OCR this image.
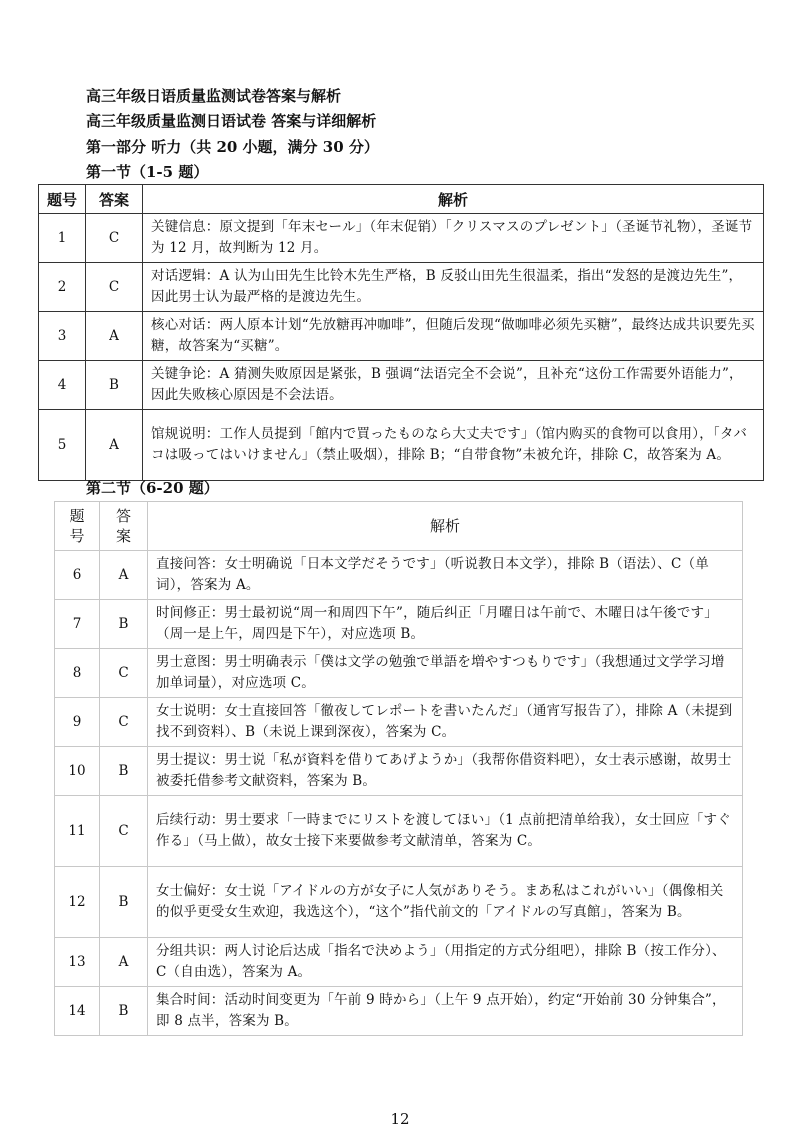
高三年级日语质量监测试卷答案与解析
高三年级质量监测日语试卷 答案与详细解析
第一部分 听力（共 20 小题，满分 30 分）
第一节（1-5 题）
题号	答案	解析
1	C	关键信息：原文提到「年末セール」（年末促销）「クリスマスのプレゼント」（圣诞节礼物），圣诞节为 12 月，故判断为 12 月。
2	C	对话逻辑：A 认为山田先生比铃木先生严格，B 反驳山田先生很温柔，指出“发怒的是渡边先生”，因此男士认为最严格的是渡边先生。
3	A	核心对话：两人原本计划“先放糖再冲咖啡”，但随后发现“做咖啡必须先买糖”，最终达成共识要先买糖，故答案为“买糖”。
4	B	关键争论：A 猜测失败原因是紧张，B 强调“法语完全不会说”，且补充“这份工作需要外语能力”，因此失败核心原因是不会法语。
5	A	馆规说明：工作人员提到「館内で買ったものなら大丈夫です」（馆内购买的食物可以食用），「タバコは吸ってはいけません」（禁止吸烟），排除 B；“自带食物”未被允许，排除 C，故答案为 A。
第二节（6-20 题）
题号	答案	解析
6	A	直接问答：女士明确说「日本文学だそうです」（听说教日本文学），排除 B（语法）、C（单词），答案为 A。
7	B	时间修正：男士最初说“周一和周四下午”，随后纠正「月曜日は午前で、木曜日は午後です」（周一是上午，周四是下午），对应选项 B。
8	C	男士意图：男士明确表示「僕は文学の勉強で単語を増やすつもりです」（我想通过文学学习增加单词量），对应选项 C。
9	C	女士说明：女士直接回答「徹夜してレポートを書いたんだ」（通宵写报告了），排除 A（未提到找不到资料）、B（未说上课到深夜），答案为 C。
10	B	男士提议：男士说「私が資料を借りてあげようか」（我帮你借资料吧），女士表示感谢，故男士被委托借参考文献资料，答案为 B。
11	C	后续行动：男士要求「一時までにリストを渡してほい」（1 点前把清单给我），女士回应「すぐ作る」（马上做），故女士接下来要做参考文献清单，答案为 C。
12	B	女士偏好：女士说「アイドルの方が女子に人気がありそう。まあ私はこれがいい」（偶像相关的似乎更受女生欢迎，我选这个），“这个”指代前文的「アイドルの写真館」，答案为 B。
13	A	分组共识：两人讨论后达成「指名で決めよう」（用指定的方式分组吧），排除 B（按工作分）、C（自由选），答案为 A。
14	B	集合时间：活动时间变更为「午前 9 時から」（上午 9 点开始），约定“开始前 30 分钟集合”，即 8 点半，答案为 B。
12
